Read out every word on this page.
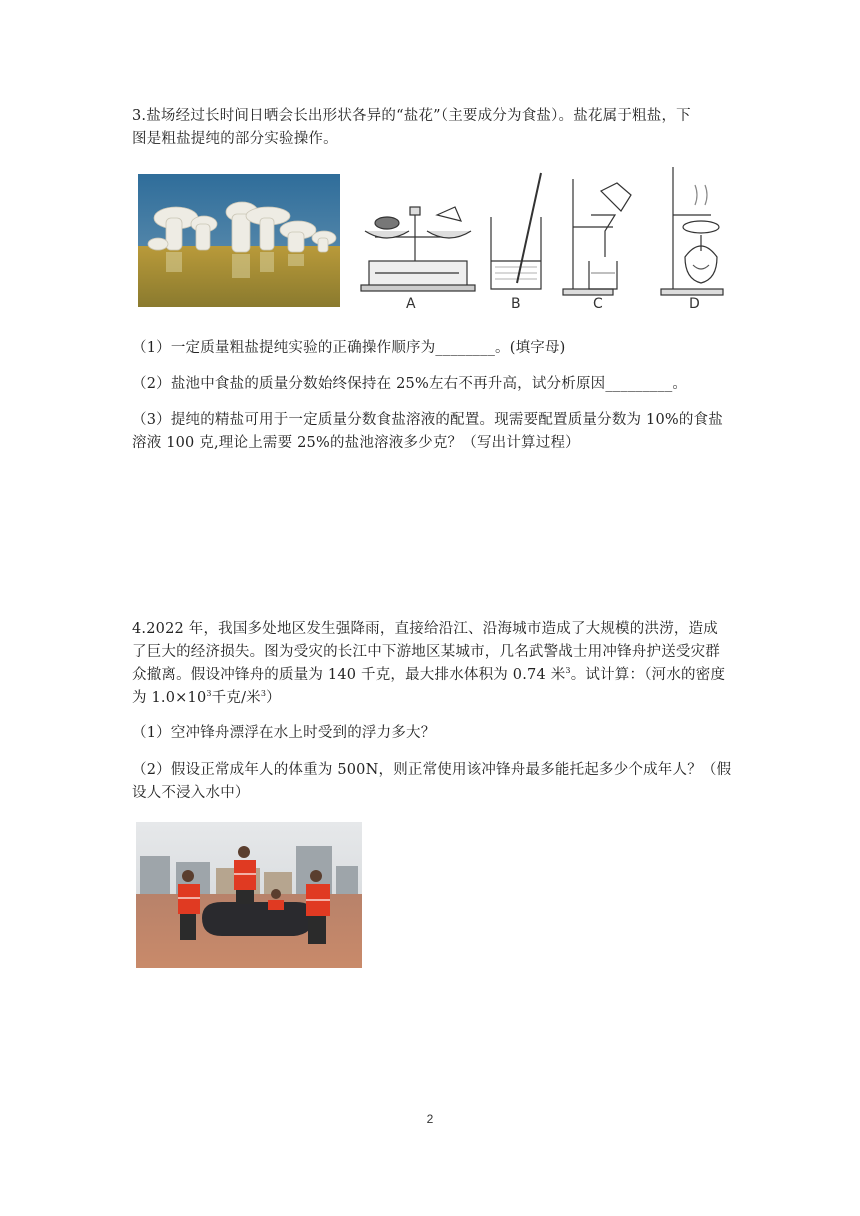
3.盐场经过长时间日晒会长出形状各异的“盐花”（主要成分为食盐）。盐花属于粗盐，下
图是粗盐提纯的部分实验操作。
A	B	C	D
（1）一定质量粗盐提纯实验的正确操作顺序为________。(填字母)
（2）盐池中食盐的质量分数始终保持在 25%左右不再升高，试分析原因_________。
（3）提纯的精盐可用于一定质量分数食盐溶液的配置。现需要配置质量分数为 10%的食盐
溶液 100 克,理论上需要 25%的盐池溶液多少克？（写出计算过程）
4.2022 年，我国多处地区发生强降雨，直接给沿江、沿海城市造成了大规模的洪涝，造成
了巨大的经济损失。图为受灾的长江中下游地区某城市，几名武警战士用冲锋舟护送受灾群
众撤离。假设冲锋舟的质量为 140 千克，最大排水体积为 0.74 米$^3$。试计算：（河水的密度
为 $1.0\times 10^3$千克/米$^3$）
（1）空冲锋舟漂浮在水上时受到的浮力多大？
（2）假设正常成年人的体重为 500N，则正常使用该冲锋舟最多能托起多少个成年人？（假
设人不浸入水中）
2
